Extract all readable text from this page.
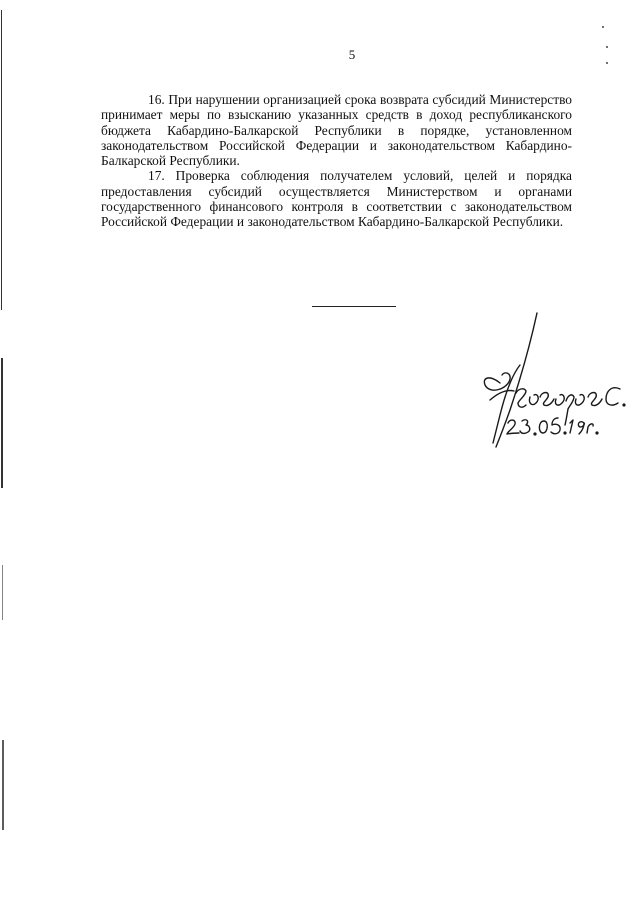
5

16. При нарушении организацией срока возврата субсидий Министерство принимает меры по взысканию указанных средств в доход республиканского бюджета Кабардино-Балкарской Республики в порядке, установленном законодательством Российской Федерации и законодательством Кабардино-Балкарской Республики.

17. Проверка соблюдения получателем условий, целей и порядка предоставления субсидий осуществляется Министерством и органами государственного финансового контроля в соответствии с законодательством Российской Федерации и законодательством Кабардино-Балкарской Республики.
